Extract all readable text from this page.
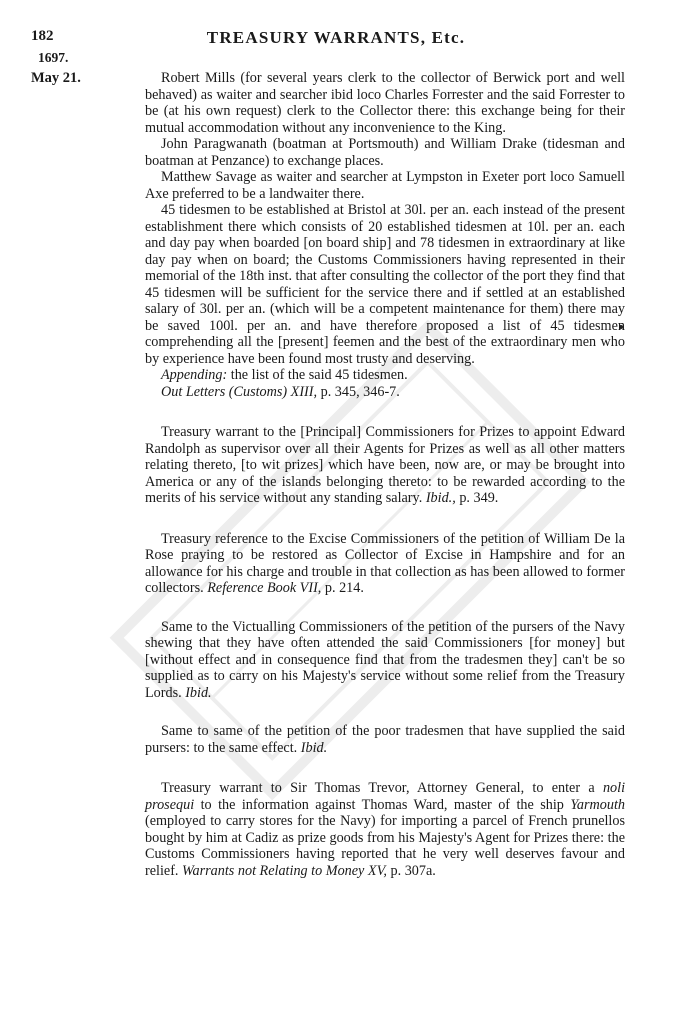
182	TREASURY WARRANTS, Etc.
1697.
May 21.	Robert Mills (for several years clerk to the collector of Berwick port and well behaved) as waiter and searcher ibid loco Charles Forrester and the said Forrester to be (at his own request) clerk to the Collector there: this exchange being for their mutual accommodation without any inconvenience to the King.

John Paragwanath (boatman at Portsmouth) and William Drake (tidesman and boatman at Penzance) to exchange places.

Matthew Savage as waiter and searcher at Lympston in Exeter port loco Samuell Axe preferred to be a landwaiter there.

45 tidesmen to be established at Bristol at 30l. per an. each instead of the present establishment there which consists of 20 established tidesmen at 10l. per an. each and day pay when boarded [on board ship] and 78 tidesmen in extraordinary at like day pay when on board; the Customs Commissioners having represented in their memorial of the 18th inst. that after consulting the collector of the port they find that 45 tidesmen will be sufficient for the service there and if settled at an established salary of 30l. per an. (which will be a competent maintenance for them) there may be saved 100l. per an. and have therefore proposed a list of 45 tidesmen comprehending all the [present] feemen and the best of the extraordinary men who by experience have been found most trusty and deserving.

Appending: the list of the said 45 tidesmen.

Out Letters (Customs) XIII, p. 345, 346-7.

Treasury warrant to the [Principal] Commissioners for Prizes to appoint Edward Randolph as supervisor over all their Agents for Prizes as well as all other matters relating thereto, [to wit prizes] which have been, now are, or may be brought into America or any of the islands belonging thereto: to be rewarded according to the merits of his service without any standing salary. Ibid., p. 349.

Treasury reference to the Excise Commissioners of the petition of William De la Rose praying to be restored as Collector of Excise in Hampshire and for an allowance for his charge and trouble in that collection as has been allowed to former collectors. Reference Book VII, p. 214.

Same to the Victualling Commissioners of the petition of the pursers of the Navy shewing that they have often attended the said Commissioners [for money] but [without effect and in consequence find that from the tradesmen they] can't be so supplied as to carry on his Majesty's service without some relief from the Treasury Lords. Ibid.

Same to same of the petition of the poor tradesmen that have supplied the said pursers: to the same effect. Ibid.

Treasury warrant to Sir Thomas Trevor, Attorney General, to enter a noli prosequi to the information against Thomas Ward, master of the ship Yarmouth (employed to carry stores for the Navy) for importing a parcel of French prunellos bought by him at Cadiz as prize goods from his Majesty's Agent for Prizes there: the Customs Commissioners having reported that he very well deserves favour and relief. Warrants not Relating to Money XV, p. 307a.
